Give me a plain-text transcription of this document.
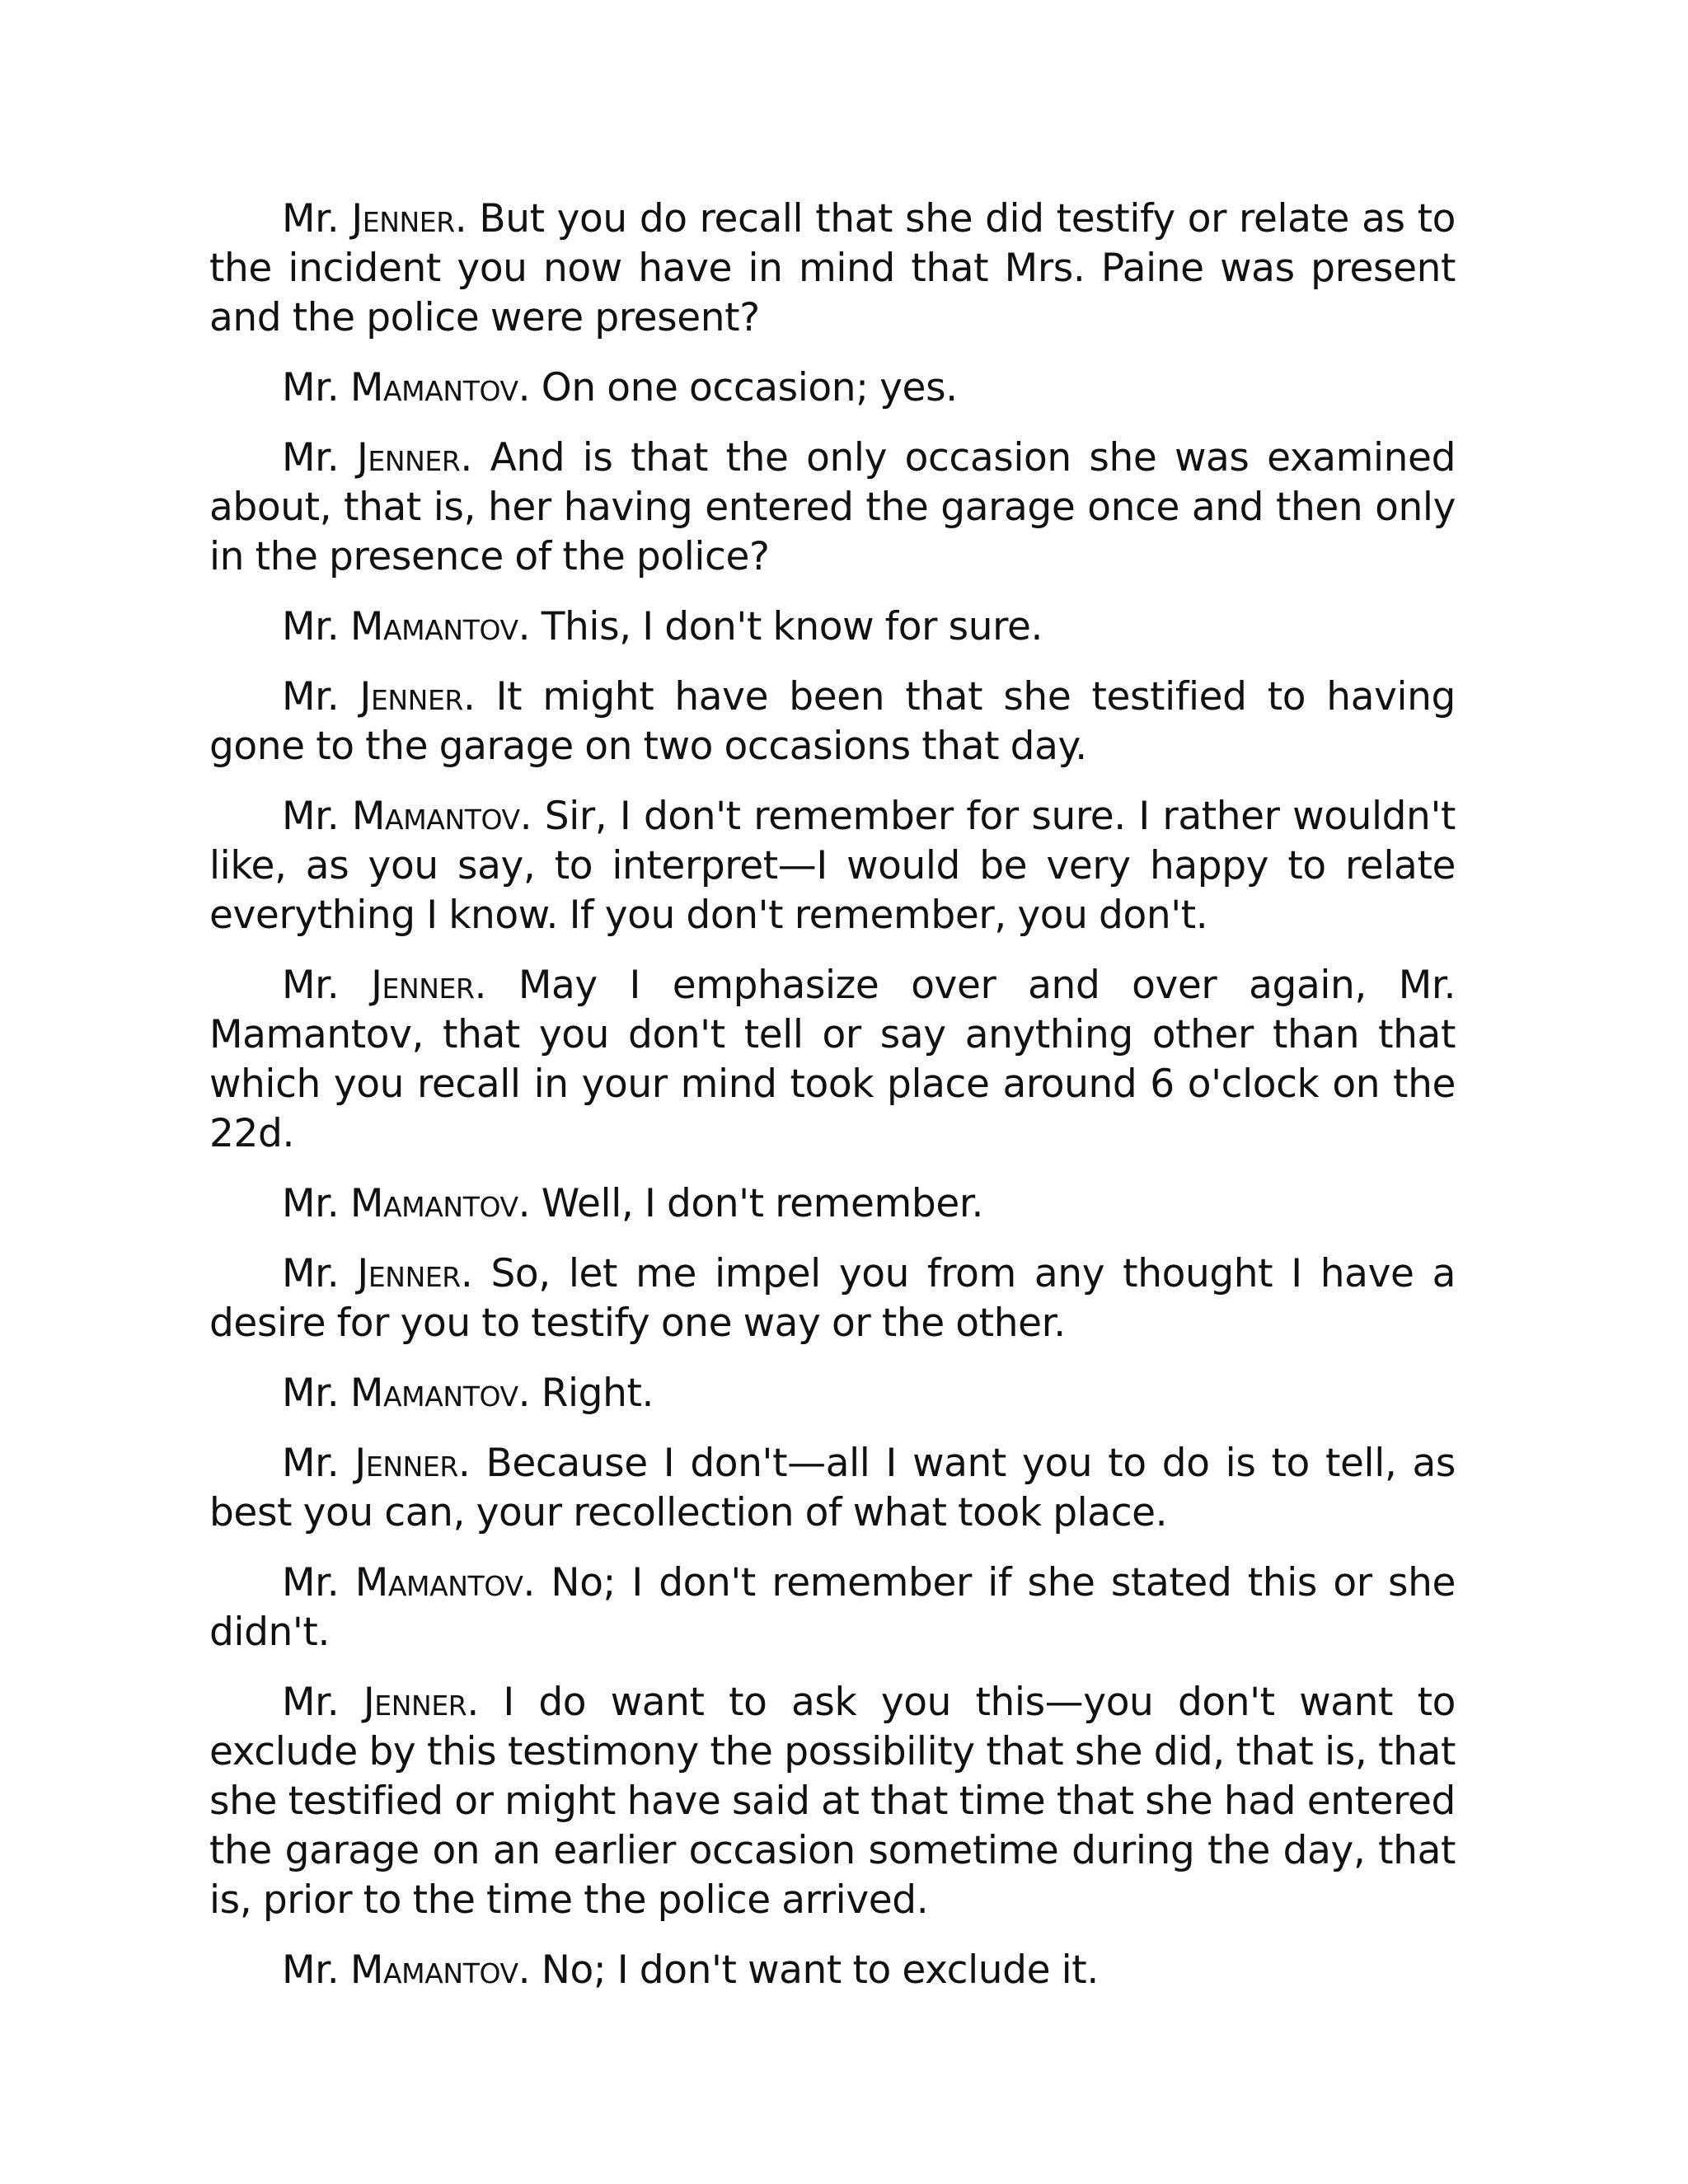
Mr. Jenner. But you do recall that she did testify or relate as to the incident you now have in mind that Mrs. Paine was present and the police were present?

Mr. Mamantov. On one occasion; yes.

Mr. Jenner. And is that the only occasion she was examined about, that is, her having entered the garage once and then only in the presence of the police?

Mr. Mamantov. This, I don't know for sure.

Mr. Jenner. It might have been that she testified to having gone to the garage on two occasions that day.

Mr. Mamantov. Sir, I don't remember for sure. I rather wouldn't like, as you say, to interpret—I would be very happy to relate everything I know. If you don't remember, you don't.

Mr. Jenner. May I emphasize over and over again, Mr. Mamantov, that you don't tell or say anything other than that which you recall in your mind took place around 6 o'clock on the 22d.

Mr. Mamantov. Well, I don't remember.

Mr. Jenner. So, let me impel you from any thought I have a desire for you to testify one way or the other.

Mr. Mamantov. Right.

Mr. Jenner. Because I don't—all I want you to do is to tell, as best you can, your recollection of what took place.

Mr. Mamantov. No; I don't remember if she stated this or she didn't.

Mr. Jenner. I do want to ask you this—you don't want to exclude by this testimony the possibility that she did, that is, that she testified or might have said at that time that she had entered the garage on an earlier occasion sometime during the day, that is, prior to the time the police arrived.

Mr. Mamantov. No; I don't want to exclude it.
